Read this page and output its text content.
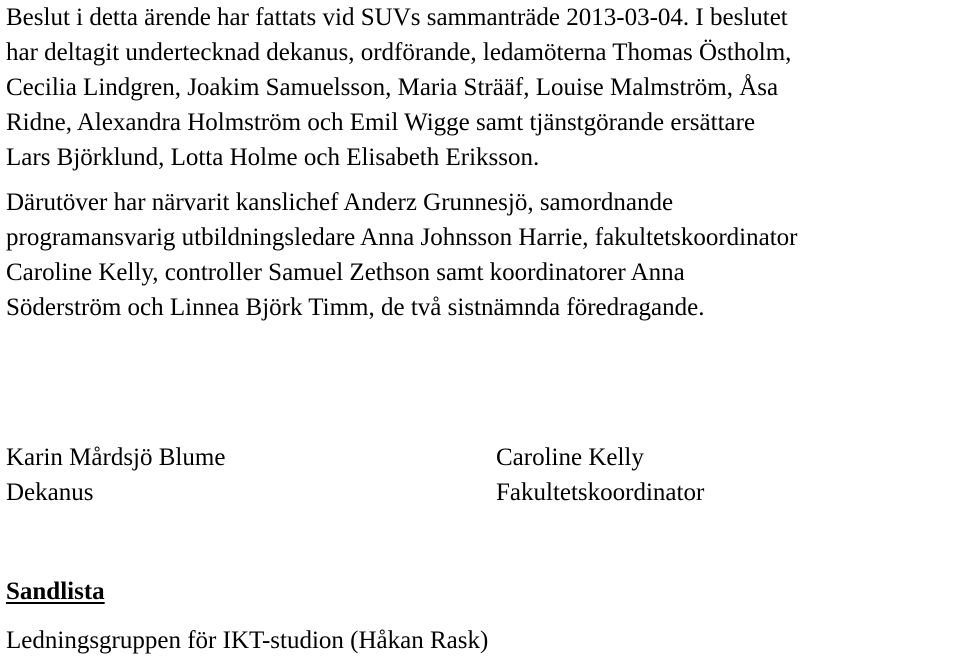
Beslut i detta ärende har fattats vid SUVs sammanträde 2013-03-04. I beslutet
har deltagit undertecknad dekanus, ordförande, ledamöterna Thomas Östholm,
Cecilia Lindgren, Joakim Samuelsson, Maria Strääf, Louise Malmström, Åsa
Ridne, Alexandra Holmström och Emil Wigge samt tjänstgörande ersättare
Lars Björklund, Lotta Holme och Elisabeth Eriksson.

Därutöver har närvarit kanslichef Anderz Grunnesjö, samordnande
programansvarig utbildningsledare Anna Johnsson Harrie, fakultetskoordinator
Caroline Kelly, controller Samuel Zethson samt koordinatorer Anna
Söderström och Linnea Björk Timm, de två sistnämnda föredragande.

Karin Mårdsjö Blume
Dekanus
Caroline Kelly
Fakultetskoordinator
Sandlista
Ledningsgruppen för IKT-studion (Håkan Rask)
